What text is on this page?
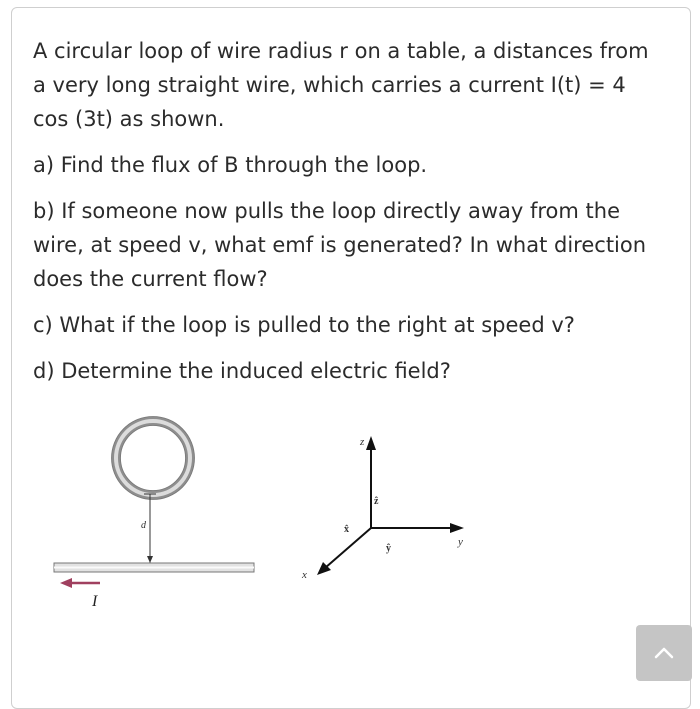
A circular loop of wire radius r on a table, a distances from a very long straight wire, which carries a current I(t) = 4 cos (3t) as shown.

a) Find the flux of B through the loop.

b) If someone now pulls the loop directly away from the wire, at speed v, what emf is generated? In what direction does the current flow?

c) What if the loop is pulled to the right at speed v?

d) Determine the induced electric field?

d
I
z
y
x
ẑ
ŷ
x̂
